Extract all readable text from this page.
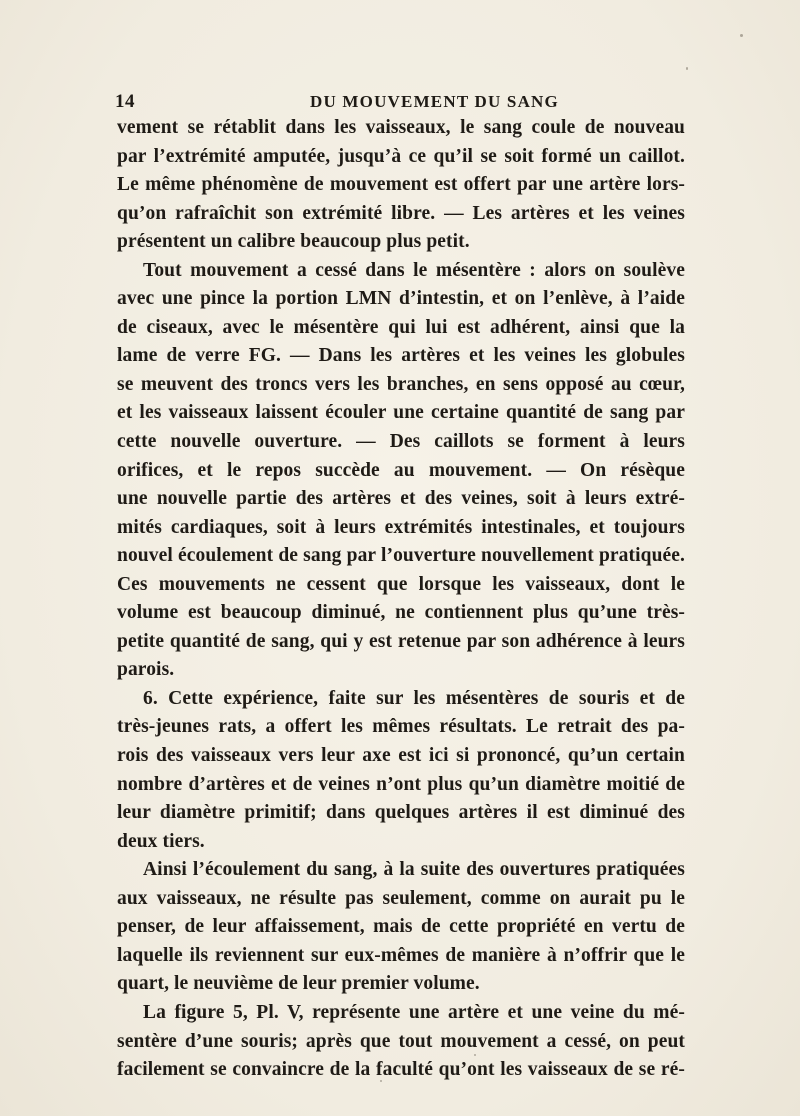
14	DU MOUVEMENT DU SANG
vement se rétablit dans les vaisseaux, le sang coule de nouveau
par l’extrémité amputée, jusqu’à ce qu’il se soit formé un caillot.
Le même phénomène de mouvement est offert par une artère lors-
qu’on rafraîchit son extrémité libre. — Les artères et les veines
présentent un calibre beaucoup plus petit.
Tout mouvement a cessé dans le mésentère : alors on soulève
avec une pince la portion LMN d’intestin, et on l’enlève, à l’aide
de ciseaux, avec le mésentère qui lui est adhérent, ainsi que la
lame de verre FG. — Dans les artères et les veines les globules
se meuvent des troncs vers les branches, en sens opposé au cœur,
et les vaisseaux laissent écouler une certaine quantité de sang par
cette nouvelle ouverture. — Des caillots se forment à leurs
orifices, et le repos succède au mouvement. — On résèque
une nouvelle partie des artères et des veines, soit à leurs extré-
mités cardiaques, soit à leurs extrémités intestinales, et toujours
nouvel écoulement de sang par l’ouverture nouvellement pratiquée.
Ces mouvements ne cessent que lorsque les vaisseaux, dont le
volume est beaucoup diminué, ne contiennent plus qu’une très-
petite quantité de sang, qui y est retenue par son adhérence à leurs
parois.
6. Cette expérience, faite sur les mésentères de souris et de
très-jeunes rats, a offert les mêmes résultats. Le retrait des pa-
rois des vaisseaux vers leur axe est ici si prononcé, qu’un certain
nombre d’artères et de veines n’ont plus qu’un diamètre moitié de
leur diamètre primitif; dans quelques artères il est diminué des
deux tiers.
Ainsi l’écoulement du sang, à la suite des ouvertures pratiquées
aux vaisseaux, ne résulte pas seulement, comme on aurait pu le
penser, de leur affaissement, mais de cette propriété en vertu de
laquelle ils reviennent sur eux-mêmes de manière à n’offrir que le
quart, le neuvième de leur premier volume.
La figure 5, Pl. V, représente une artère et une veine du mé-
sentère d’une souris; après que tout mouvement a cessé, on peut
facilement se convaincre de la faculté qu’ont les vaisseaux de se ré-
